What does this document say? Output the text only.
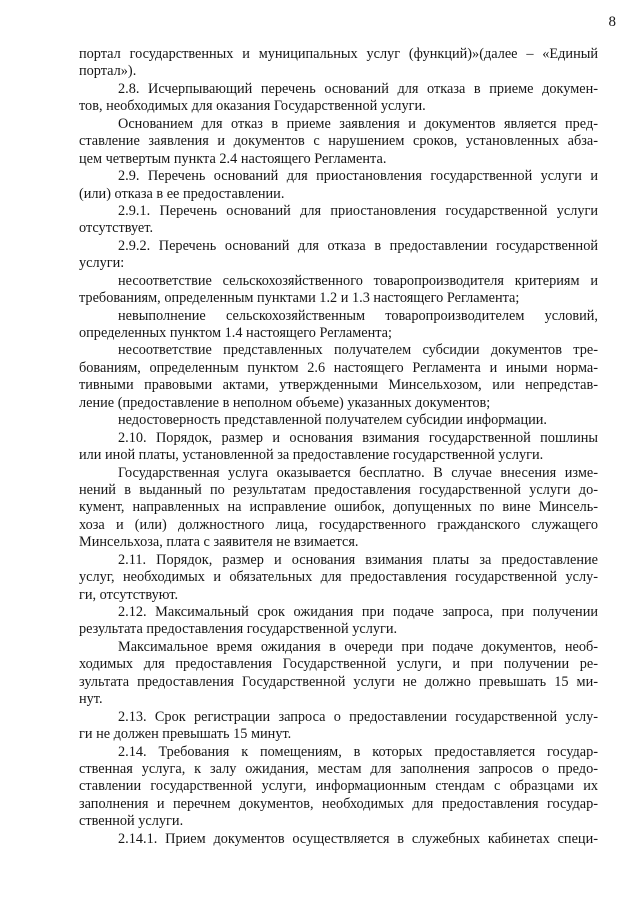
8
портал государственных и муниципальных услуг (функций)»(далее – «Единый
портал»).
2.8. Исчерпывающий перечень оснований для отказа в приеме докумен-
тов, необходимых для оказания Государственной услуги.
Основанием для отказ в приеме заявления и документов является пред-
ставление заявления и документов с нарушением сроков, установленных абза-
цем четвертым пункта 2.4 настоящего Регламента.
2.9. Перечень оснований для приостановления государственной услуги и
(или) отказа в ее предоставлении.
2.9.1. Перечень оснований для приостановления государственной услуги
отсутствует.
2.9.2. Перечень оснований для отказа в предоставлении государственной
услуги:
несоответствие сельскохозяйственного товаропроизводителя критериям и
требованиям, определенным пунктами 1.2 и 1.3 настоящего Регламента;
невыполнение сельскохозяйственным товаропроизводителем условий,
определенных пунктом 1.4 настоящего Регламента;
несоответствие представленных получателем субсидии документов тре-
бованиям, определенным пунктом 2.6 настоящего Регламента и иными норма-
тивными правовыми актами, утвержденными Минсельхозом, или непредстав-
ление (предоставление в неполном объеме) указанных документов;
недостоверность представленной получателем субсидии информации.
2.10. Порядок, размер и основания взимания государственной пошлины
или иной платы, установленной за предоставление государственной услуги.
Государственная услуга оказывается бесплатно. В случае внесения изме-
нений в выданный по результатам предоставления государственной услуги до-
кумент, направленных на исправление ошибок, допущенных по вине Минсель-
хоза и (или) должностного лица, государственного гражданского служащего
Минсельхоза, плата с заявителя не взимается.
2.11. Порядок, размер и основания взимания платы за предоставление
услуг, необходимых и обязательных для предоставления государственной услу-
ги, отсутствуют.
2.12. Максимальный срок ожидания при подаче запроса, при получении
результата предоставления государственной услуги.
Максимальное время ожидания в очереди при подаче документов, необ-
ходимых для предоставления Государственной услуги, и при получении ре-
зультата предоставления Государственной услуги не должно превышать 15 ми-
нут.
2.13. Срок регистрации запроса о предоставлении государственной услу-
ги не должен превышать 15 минут.
2.14. Требования к помещениям, в которых предоставляется государ-
ственная услуга, к залу ожидания, местам для заполнения запросов о предо-
ставлении государственной услуги, информационным стендам с образцами их
заполнения и перечнем документов, необходимых для предоставления государ-
ственной услуги.
2.14.1. Прием документов осуществляется в служебных кабинетах специ-
